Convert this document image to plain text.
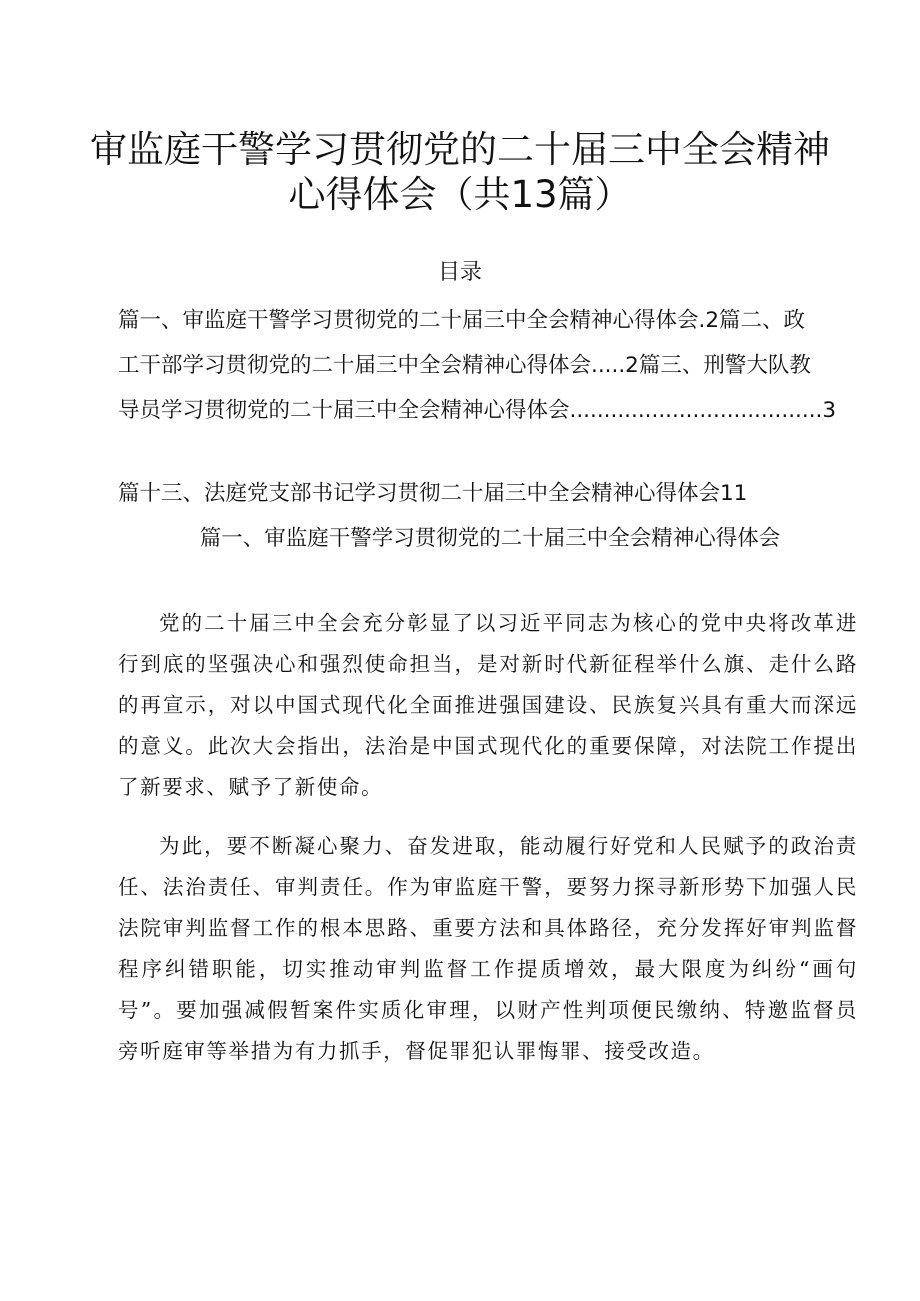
审监庭干警学习贯彻党的二十届三中全会精神
心得体会（共13篇）
目录
篇一、审监庭干警学习贯彻党的二十届三中全会精神心得体会.2篇二、政
工干部学习贯彻党的二十届三中全会精神心得体会.....2篇三、刑警大队教
导员学习贯彻党的二十届三中全会精神心得体会.....................................3
篇十三、法庭党支部书记学习贯彻二十届三中全会精神心得体会11
篇一、审监庭干警学习贯彻党的二十届三中全会精神心得体会

党的二十届三中全会充分彰显了以习近平同志为核心的党中央将改革进行到底的坚强决心和强烈使命担当，是对新时代新征程举什么旗、走什么路的再宣示，对以中国式现代化全面推进强国建设、民族复兴具有重大而深远的意义。此次大会指出，法治是中国式现代化的重要保障，对法院工作提出了新要求、赋予了新使命。

为此，要不断凝心聚力、奋发进取，能动履行好党和人民赋予的政治责任、法治责任、审判责任。作为审监庭干警，要努力探寻新形势下加强人民法院审判监督工作的根本思路、重要方法和具体路径，充分发挥好审判监督程序纠错职能，切实推动审判监督工作提质增效，最大限度为纠纷“画句号”。要加强减假暂案件实质化审理，以财产性判项便民缴纳、特邀监督员旁听庭审等举措为有力抓手，督促罪犯认罪悔罪、接受改造。
